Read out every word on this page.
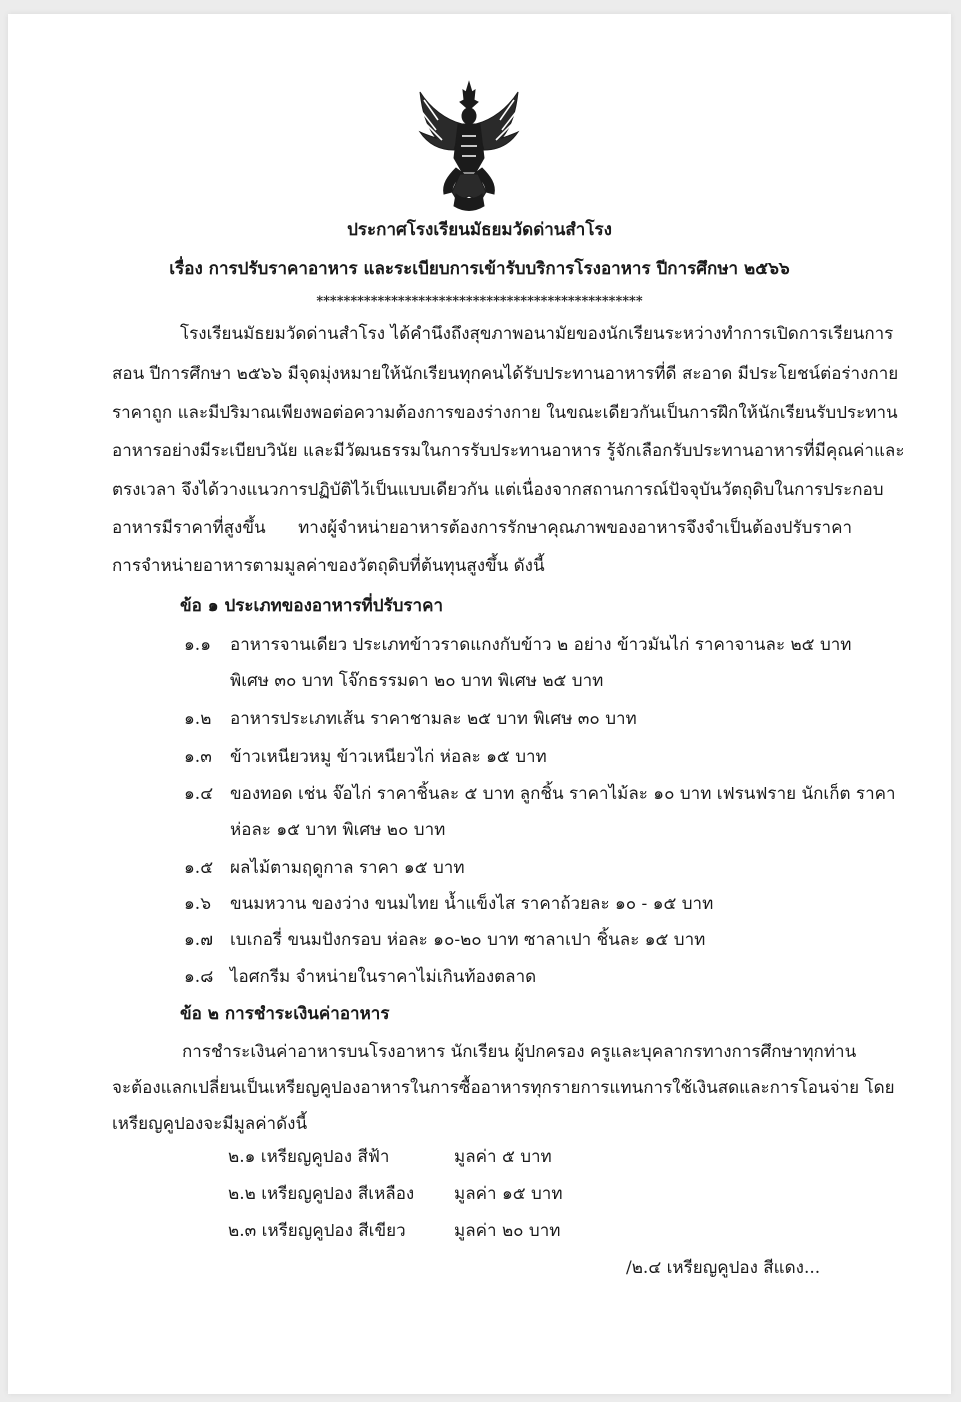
ประกาศโรงเรียนมัธยมวัดด่านสำโรง
เรื่อง การปรับราคาอาหาร และระเบียบการเข้ารับบริการโรงอาหาร ปีการศึกษา ๒๕๖๖
************************************************
โรงเรียนมัธยมวัดด่านสำโรง ได้คำนึงถึงสุขภาพอนามัยของนักเรียนระหว่างทำการเปิดการเรียนการ
สอน ปีการศึกษา ๒๕๖๖ มีจุดมุ่งหมายให้นักเรียนทุกคนได้รับประทานอาหารที่ดี สะอาด มีประโยชน์ต่อร่างกาย
ราคาถูก และมีปริมาณเพียงพอต่อความต้องการของร่างกาย ในขณะเดียวกันเป็นการฝึกให้นักเรียนรับประทาน
อาหารอย่างมีระเบียบวินัย และมีวัฒนธรรมในการรับประทานอาหาร รู้จักเลือกรับประทานอาหารที่มีคุณค่าและ
ตรงเวลา จึงได้วางแนวการปฏิบัติไว้เป็นแบบเดียวกัน แต่เนื่องจากสถานการณ์ปัจจุบันวัตถุดิบในการประกอบ
อาหารมีราคาที่สูงขึ้น ทางผู้จำหน่ายอาหารต้องการรักษาคุณภาพของอาหารจึงจำเป็นต้องปรับราคา
การจำหน่ายอาหารตามมูลค่าของวัตถุดิบที่ต้นทุนสูงขึ้น ดังนี้
ข้อ ๑ ประเภทของอาหารที่ปรับราคา
๑.๑ อาหารจานเดียว ประเภทข้าวราดแกงกับข้าว ๒ อย่าง ข้าวมันไก่ ราคาจานละ ๒๕ บาท
พิเศษ ๓๐ บาท โจ๊กธรรมดา ๒๐ บาท พิเศษ ๒๕ บาท
๑.๒ อาหารประเภทเส้น ราคาชามละ ๒๕ บาท พิเศษ ๓๐ บาท
๑.๓ ข้าวเหนียวหมู ข้าวเหนียวไก่ ห่อละ ๑๕ บาท
๑.๔ ของทอด เช่น จ๊อไก่ ราคาชิ้นละ ๕ บาท ลูกชิ้น ราคาไม้ละ ๑๐ บาท เฟรนฟราย นักเก็ต ราคา
ห่อละ ๑๕ บาท พิเศษ ๒๐ บาท
๑.๕ ผลไม้ตามฤดูกาล ราคา ๑๕ บาท
๑.๖ ขนมหวาน ของว่าง ขนมไทย น้ำแข็งไส ราคาถ้วยละ ๑๐ - ๑๕ บาท
๑.๗ เบเกอรี่ ขนมปังกรอบ ห่อละ ๑๐-๒๐ บาท ซาลาเปา ชิ้นละ ๑๕ บาท
๑.๘ ไอศกรีม จำหน่ายในราคาไม่เกินท้องตลาด
ข้อ ๒ การชำระเงินค่าอาหาร
การชำระเงินค่าอาหารบนโรงอาหาร นักเรียน ผู้ปกครอง ครูและบุคลากรทางการศึกษาทุกท่าน
จะต้องแลกเปลี่ยนเป็นเหรียญคูปองอาหารในการซื้ออาหารทุกรายการแทนการใช้เงินสดและการโอนจ่าย โดย
เหรียญคูปองจะมีมูลค่าดังนี้
๒.๑ เหรียญคูปอง สีฟ้า	มูลค่า ๕ บาท
๒.๒ เหรียญคูปอง สีเหลือง มูลค่า ๑๕ บาท
๒.๓ เหรียญคูปอง สีเขียว	มูลค่า ๒๐ บาท
/๒.๔ เหรียญคูปอง สีแดง...
